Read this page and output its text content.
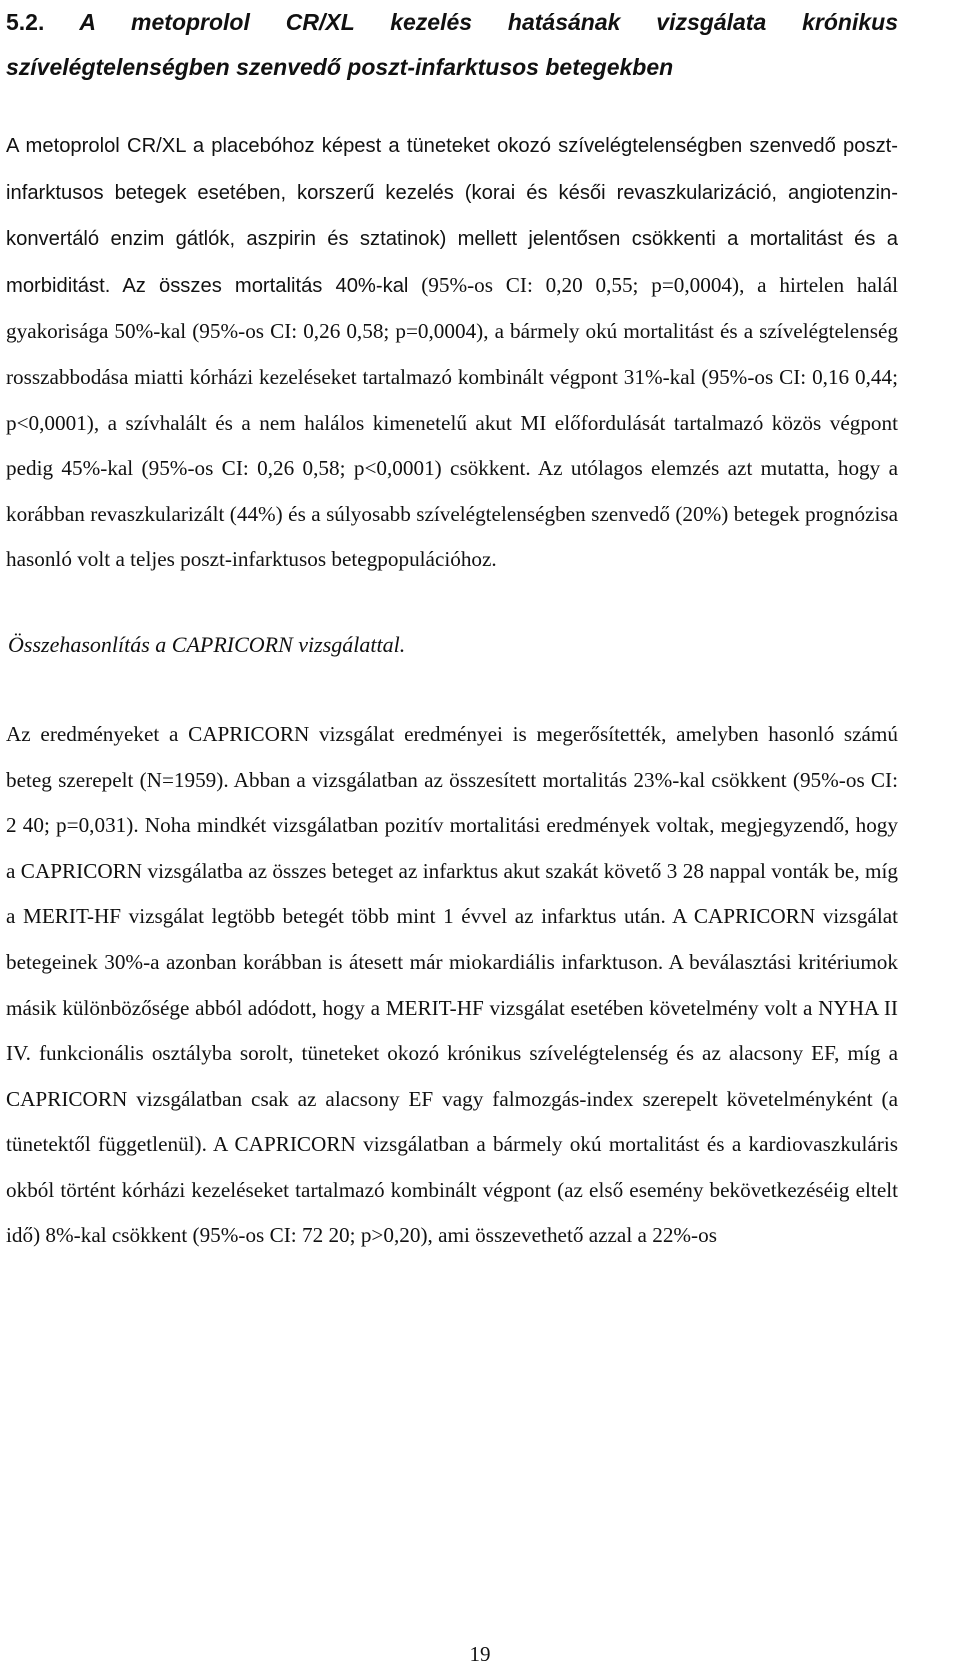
5.2. A metoprolol CR/XL kezelés hatásának vizsgálata krónikus szívelégtelenségben szenvedő poszt-infarktusos betegekben

A metoprolol CR/XL a placebóhoz képest a tüneteket okozó szívelégtelenségben szenvedő poszt-infarktusos betegek esetében, korszerű kezelés (korai és késői revaszkularizáció, angiotenzin-konvertáló enzim gátlók, aszpirin és sztatinok) mellett jelentősen csökkenti a mortalitást és a morbiditást. Az összes mortalitás 40%-kal (95%-os CI: 0,20 0,55; p=0,0004), a hirtelen halál gyakorisága 50%-kal (95%-os CI: 0,26 0,58; p=0,0004), a bármely okú mortalitást és a szívelégtelenség rosszabbodása miatti kórházi kezeléseket tartalmazó kombinált végpont 31%-kal (95%-os CI: 0,16 0,44; p<0,0001), a szívhalált és a nem halálos kimenetelű akut MI előfordulását tartalmazó közös végpont pedig 45%-kal (95%-os CI: 0,26 0,58; p<0,0001) csökkent. Az utólagos elemzés azt mutatta, hogy a korábban revaszkularizált (44%) és a súlyosabb szívelégtelenségben szenvedő (20%) betegek prognózisa hasonló volt a teljes poszt-infarktusos betegpopulációhoz.

Összehasonlítás a CAPRICORN vizsgálattal.

Az eredményeket a CAPRICORN vizsgálat eredményei is megerősítették, amelyben hasonló számú beteg szerepelt (N=1959). Abban a vizsgálatban az összesített mortalitás 23%-kal csökkent (95%-os CI: 2 40; p=0,031). Noha mindkét vizsgálatban pozitív mortalitási eredmények voltak, megjegyzendő, hogy a CAPRICORN vizsgálatba az összes beteget az infarktus akut szakát követő 3 28 nappal vonták be, míg a MERIT-HF vizsgálat legtöbb betegét több mint 1 évvel az infarktus után. A CAPRICORN vizsgálat betegeinek 30%-a azonban korábban is átesett már miokardiális infarktuson. A beválasztási kritériumok másik különbözősége abból adódott, hogy a MERIT-HF vizsgálat esetében követelmény volt a NYHA II IV. funkcionális osztályba sorolt, tüneteket okozó krónikus szívelégtelenség és az alacsony EF, míg a CAPRICORN vizsgálatban csak az alacsony EF vagy falmozgás-index szerepelt követelményként (a tünetektől függetlenül). A CAPRICORN vizsgálatban a bármely okú mortalitást és a kardiovaszkuláris okból történt kórházi kezeléseket tartalmazó kombinált végpont (az első esemény bekövetkezéséig eltelt idő) 8%-kal csökkent (95%-os CI: 72 20; p>0,20), ami összevethető azzal a 22%-os

19
